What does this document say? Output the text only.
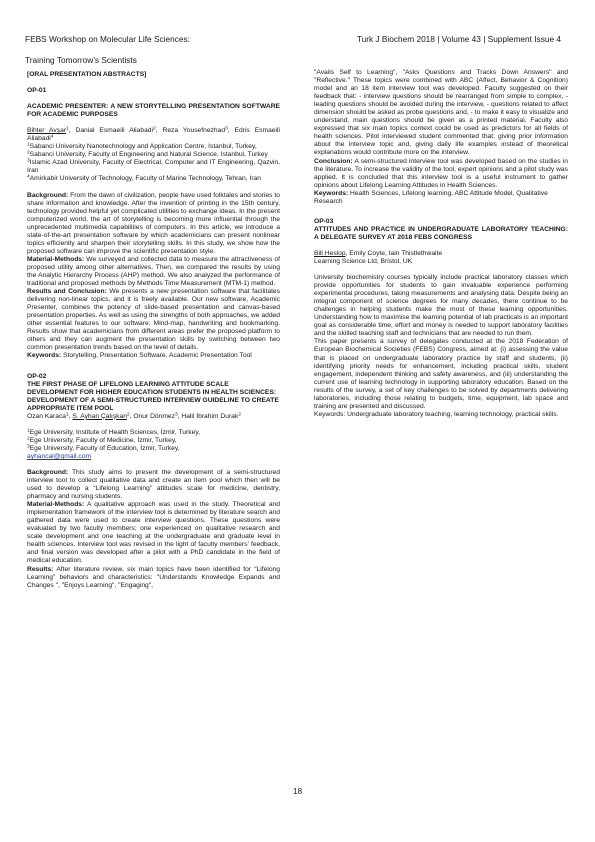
FEBS Workshop on Molecular Life Sciences:	Turk J Biochem 2018 | Volume 43 | Supplement Issue 4
Training Tomorrow’s Scientists

[ORAL PRESENTATION ABSTRACTS]

OP-01

ACADEMIC PRESENTER: A NEW STORYTELLING PRESENTATION SOFTWARE FOR ACADEMIC PURPOSES

Bihter Avşar$^1$, Danial Esmaeili Aliabadi$^2$, Reza Yousefnezhad$^3$, Edris Esmaeili Aliabadi$^4$

$^1$Sabanci University Nanotechnology and Application Centre, Istanbul, Turkey,

$^2$Sabanci University, Faculty of Engineering and Natural Science, Istanbul, Turkey

$^3$Islamic Azad University, Faculty of Electrical, Computer and IT Engineering, Qazvin, Iran

$^4$Amirkabir University of Technology, Faculty of Marine Technology, Tehran, Iran

Background: From the dawn of civilization, people have used folktales and stories to share information and knowledge. After the invention of printing in the 15th century, technology provided helpful yet complicated utilities to exchange ideas. In the present computerized world, the art of storytelling is becoming more influential through the unprecedented multimedia capabilities of computers. In this article, we introduce a state-of-the-art presentation software by which academicians can present nonlinear topics efficiently and sharpen their storytelling skills. In this study, we show how the proposed software can improve the scientific presentation style.

Material-Methods: We surveyed and collected data to measure the attractiveness of proposed utility among other alternatives. Then, we compared the results by using the Analytic Hierarchy Process (AHP) method. We also analyzed the performance of traditional and proposed methods by Methods Time Measurement (MTM-1) method.

Results and Conclusion: We presents a new presentation software that facilitates delivering non-linear topics, and it is freely available. Our new software, Academic Presenter, combines the potency of slide-based presentation and canvas-based presentation properties. As well as using the strengths of both approaches, we added other essential features to our software: Mind-map, handwriting and bookmarking. Results show that academicians from different areas prefer the proposed platform to others and they can augment the presentation skills by switching between two common presentation trends based on the level of details.

Keywords: Storytelling, Presentation Software, Academic Presentation Tool

OP-02

THE FIRST PHASE OF LIFELONG LEARNING ATTITUDE SCALE DEVELOPMENT FOR HIGHER EDUCATION STUDENTS IN HEALTH SCIENCES: DEVELOPMENT OF A SEMI-STRUCTURED INTERVIEW GUIDELINE TO CREATE APPROPRIATE ITEM POOL

Ozan Karaca$^1$, S. Ayhan Çalışkan$^2$, Onur Dönmez$^3$, Halil İbrahim Durak$^2$

$^1$Ege University, Institute of Health Sciences, İzmir, Turkey,

$^2$Ege University, Faculty of Medicine, İzmir, Turkey,

$^3$Ege University, Faculty of Education, İzmir, Turkey,

ayhancal@gmail.com

Background: This study aims to present the development of a semi-structured interview tool to collect qualitative data and create an item pool which then will be used to develop a “Lifelong Learning” attitudes scale for medicine, dentistry, pharmacy and nursing students.

Material-Methods: A qualitative approach was used in the study. Theoretical and implementation framework of the interview tool is determined by literature search and gathered data were used to create interview questions. These questions were evaluated by two faculty members; one experienced on qualitative research and scale development and one teaching at the undergraduate and graduate level in health sciences. Interview tool was revised in the light of faculty members’ feedback, and final version was developed after a pilot with a PhD candidate in the field of medical education.

Results: After literature review, six main topics have been identified for “Lifelong Learning” behaviors and characteristics: "Understands Knowledge Expands and Changes ", "Enjoys Learning", "Engaging",

"Avails Self to Learning", "Asks Questions and Tracks Down Answers" and "Reflective." These topics were combined with ABC (Affect, Behavior & Cognition) model and an 18 item interview tool was developed. Faculty suggested on their feedback that: - interview questions should be rearranged from simple to complex, - leading questions should be avoided during the interview, - questions related to affect dimension should be asked as probe questions and, - to make it easy to visualize and understand, main questions should be given as a printed material. Faculty also expressed that six main topics context could be used as predictors for all fields of health sciences. Pilot interviewed student commented that; giving prior information about the interview topic and, giving daily life examples instead of theoretical explanations would contribute more on the interview.

Conclusion: A semi-structured interview tool was developed based on the studies in the literature. To increase the validity of the tool, expert opinions and a pilot study was applied. It is concluded that this interview tool is a useful instrument to gather opinions about Lifelong Learning Attitudes in Health Sciences.

Keywords: Health Sciences, Lifelong learning, ABC Attitude Model, Qualitative Research

OP-03

ATTITUDES AND PRACTICE IN UNDERGRADUATE LABORATORY TEACHING: A DELEGATE SURVEY AT 2018 FEBS CONGRESS

Bill Heslop, Emily Coyte, Iain Thistlethwaite

Learning Science Ltd, Bristol, UK

University biochemistry courses typically include practical laboratory classes which provide opportunities for students to gain invaluable experience performing experimental procedures, taking measurements and analysing data. Despite being an integral component of science degrees for many decades, there continue to be challenges in helping students make the most of these learning opportunities. Understanding how to maximise the learning potential of lab practicals is an important goal as considerable time, effort and money is needed to support laboratory facilities and the skilled teaching staff and technicians that are needed to run them.

This paper presents a survey of delegates conducted at the 2018 Federation of European Biochemical Societies (FEBS) Congress, aimed at: (i) assessing the value that is placed on undergraduate laboratory practice by staff and students, (ii) identifying priority needs for enhancement, including practical skills, student engagement, independent thinking and safety awareness, and (iii) understanding the current use of learning technology in supporting laboratory education. Based on the results of the survey, a set of key challenges to be solved by departments delivering laboratories, including those relating to budgets, time, equipment, lab space and training are presented and discussed.

Keywords: Undergraduate laboratory teaching, learning technology, practical skills.

18
